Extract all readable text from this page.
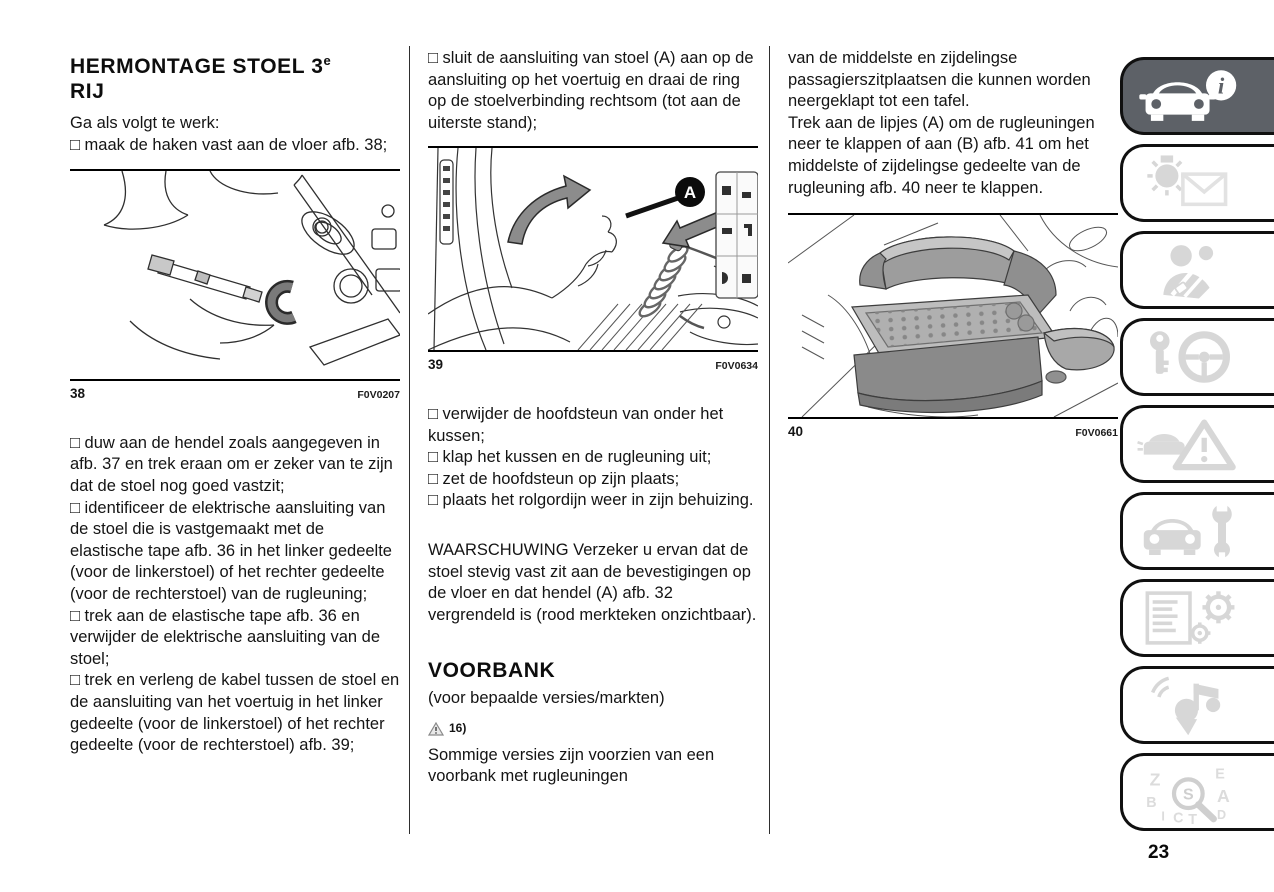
HERMONTAGE STOEL 3e
RIJ

Ga als volgt te werk:

□ maak de haken vast aan de vloer afb. 38;

38	F0V0207

□ duw aan de hendel zoals aangegeven in afb. 37 en trek eraan om er zeker van te zijn dat de stoel nog goed vastzit;

□ identificeer de elektrische aansluiting van de stoel die is vastgemaakt met de elastische tape afb. 36 in het linker gedeelte (voor de linkerstoel) of het rechter gedeelte (voor de rechterstoel) van de rugleuning;

□ trek aan de elastische tape afb. 36 en verwijder de elektrische aansluiting van de stoel;

□ trek en verleng de kabel tussen de stoel en de aansluiting van het voertuig in het linker gedeelte (voor de linkerstoel) of het rechter gedeelte (voor de rechterstoel) afb. 39;

□ sluit de aansluiting van stoel (A) aan op de aansluiting op het voertuig en draai de ring op de stoelverbinding rechtsom (tot aan de uiterste stand);

A
39	F0V0634

□ verwijder de hoofdsteun van onder het kussen;

□ klap het kussen en de rugleuning uit;

□ zet de hoofdsteun op zijn plaats;

□ plaats het rolgordijn weer in zijn behuizing.

WAARSCHUWING Verzeker u ervan dat de stoel stevig vast zit aan de bevestigingen op de vloer en dat hendel (A) afb. 32 vergrendeld is (rood merkteken onzichtbaar).

VOORBANK

(voor bepaalde versies/markten)

16)

Sommige versies zijn voorzien van een voorbank met rugleuningen

van de middelste en zijdelingse passagierszitplaatsen die kunnen worden neergeklapt tot een tafel.

Trek aan de lipjes (A) om de rugleuningen neer te klappen of aan (B) afb. 41 om het middelste of zijdelingse gedeelte van de rugleuning afb. 40 neer te klappen.

40	F0V0661
i
Z	E
B	A
I C T D
S
23
